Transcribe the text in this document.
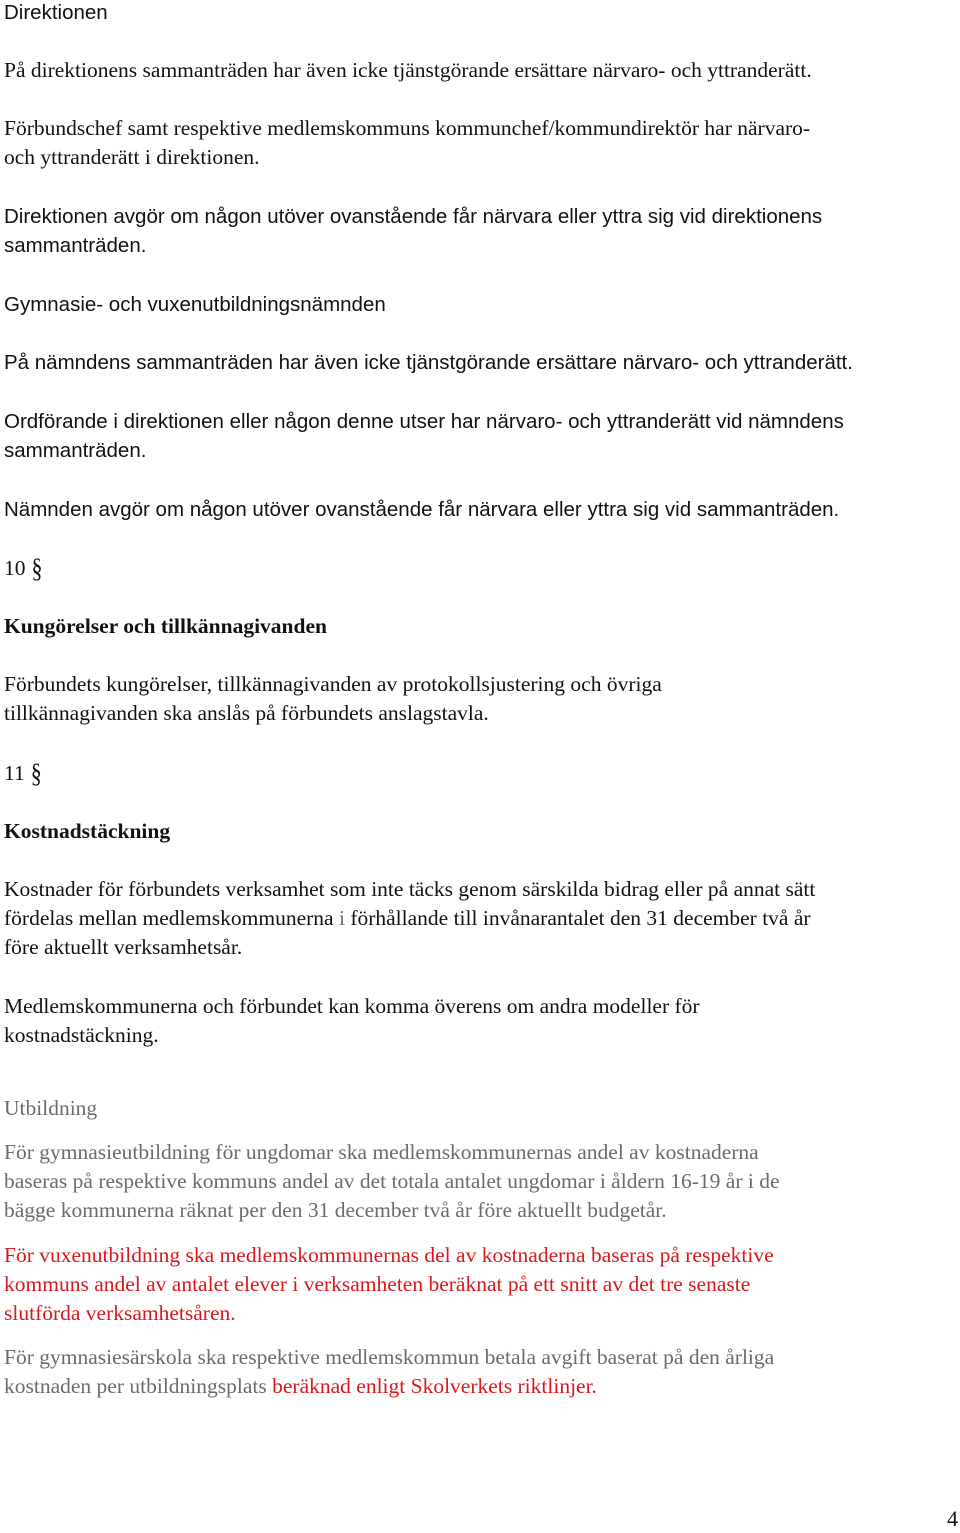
Direktionen

På direktionens sammanträden har även icke tjänstgörande ersättare närvaro- och yttranderätt.

Förbundschef samt respektive medlemskommuns kommunchef/kommundirektör har närvaro-
och yttranderätt i direktionen.
Direktionen avgör om någon utöver ovanstående får närvara eller yttra sig vid direktionens
sammanträden.

Gymnasie- och vuxenutbildningsnämnden

På nämndens sammanträden har även icke tjänstgörande ersättare närvaro- och yttranderätt.

Ordförande i direktionen eller någon denne utser har närvaro- och yttranderätt vid nämndens
sammanträden.

Nämnden avgör om någon utöver ovanstående får närvara eller yttra sig vid sammanträden.

10 §

Kungörelser och tillkännagivanden

Förbundets kungörelser, tillkännagivanden av protokollsjustering och övriga
tillkännagivanden ska anslås på förbundets anslagstavla.

11 §

Kostnadstäckning

Kostnader för förbundets verksamhet som inte täcks genom särskilda bidrag eller på annat sätt
fördelas mellan medlemskommunerna i förhållande till invånarantalet den 31 december två år
före aktuellt verksamhetsår.
Medlemskommunerna och förbundet kan komma överens om andra modeller för
kostnadstäckning.

Utbildning

För gymnasieutbildning för ungdomar ska medlemskommunernas andel av kostnaderna
baseras på respektive kommuns andel av det totala antalet ungdomar i åldern 16-19 år i de
bägge kommunerna räknat per den 31 december två år före aktuellt budgetår.
För vuxenutbildning ska medlemskommunernas del av kostnaderna baseras på respektive
kommuns andel av antalet elever i verksamheten beräknat på ett snitt av det tre senaste
slutförda verksamhetsåren.
För gymnasiesärskola ska respektive medlemskommun betala avgift baserat på den årliga
kostnaden per utbildningsplats beräknad enligt Skolverkets riktlinjer.

4
